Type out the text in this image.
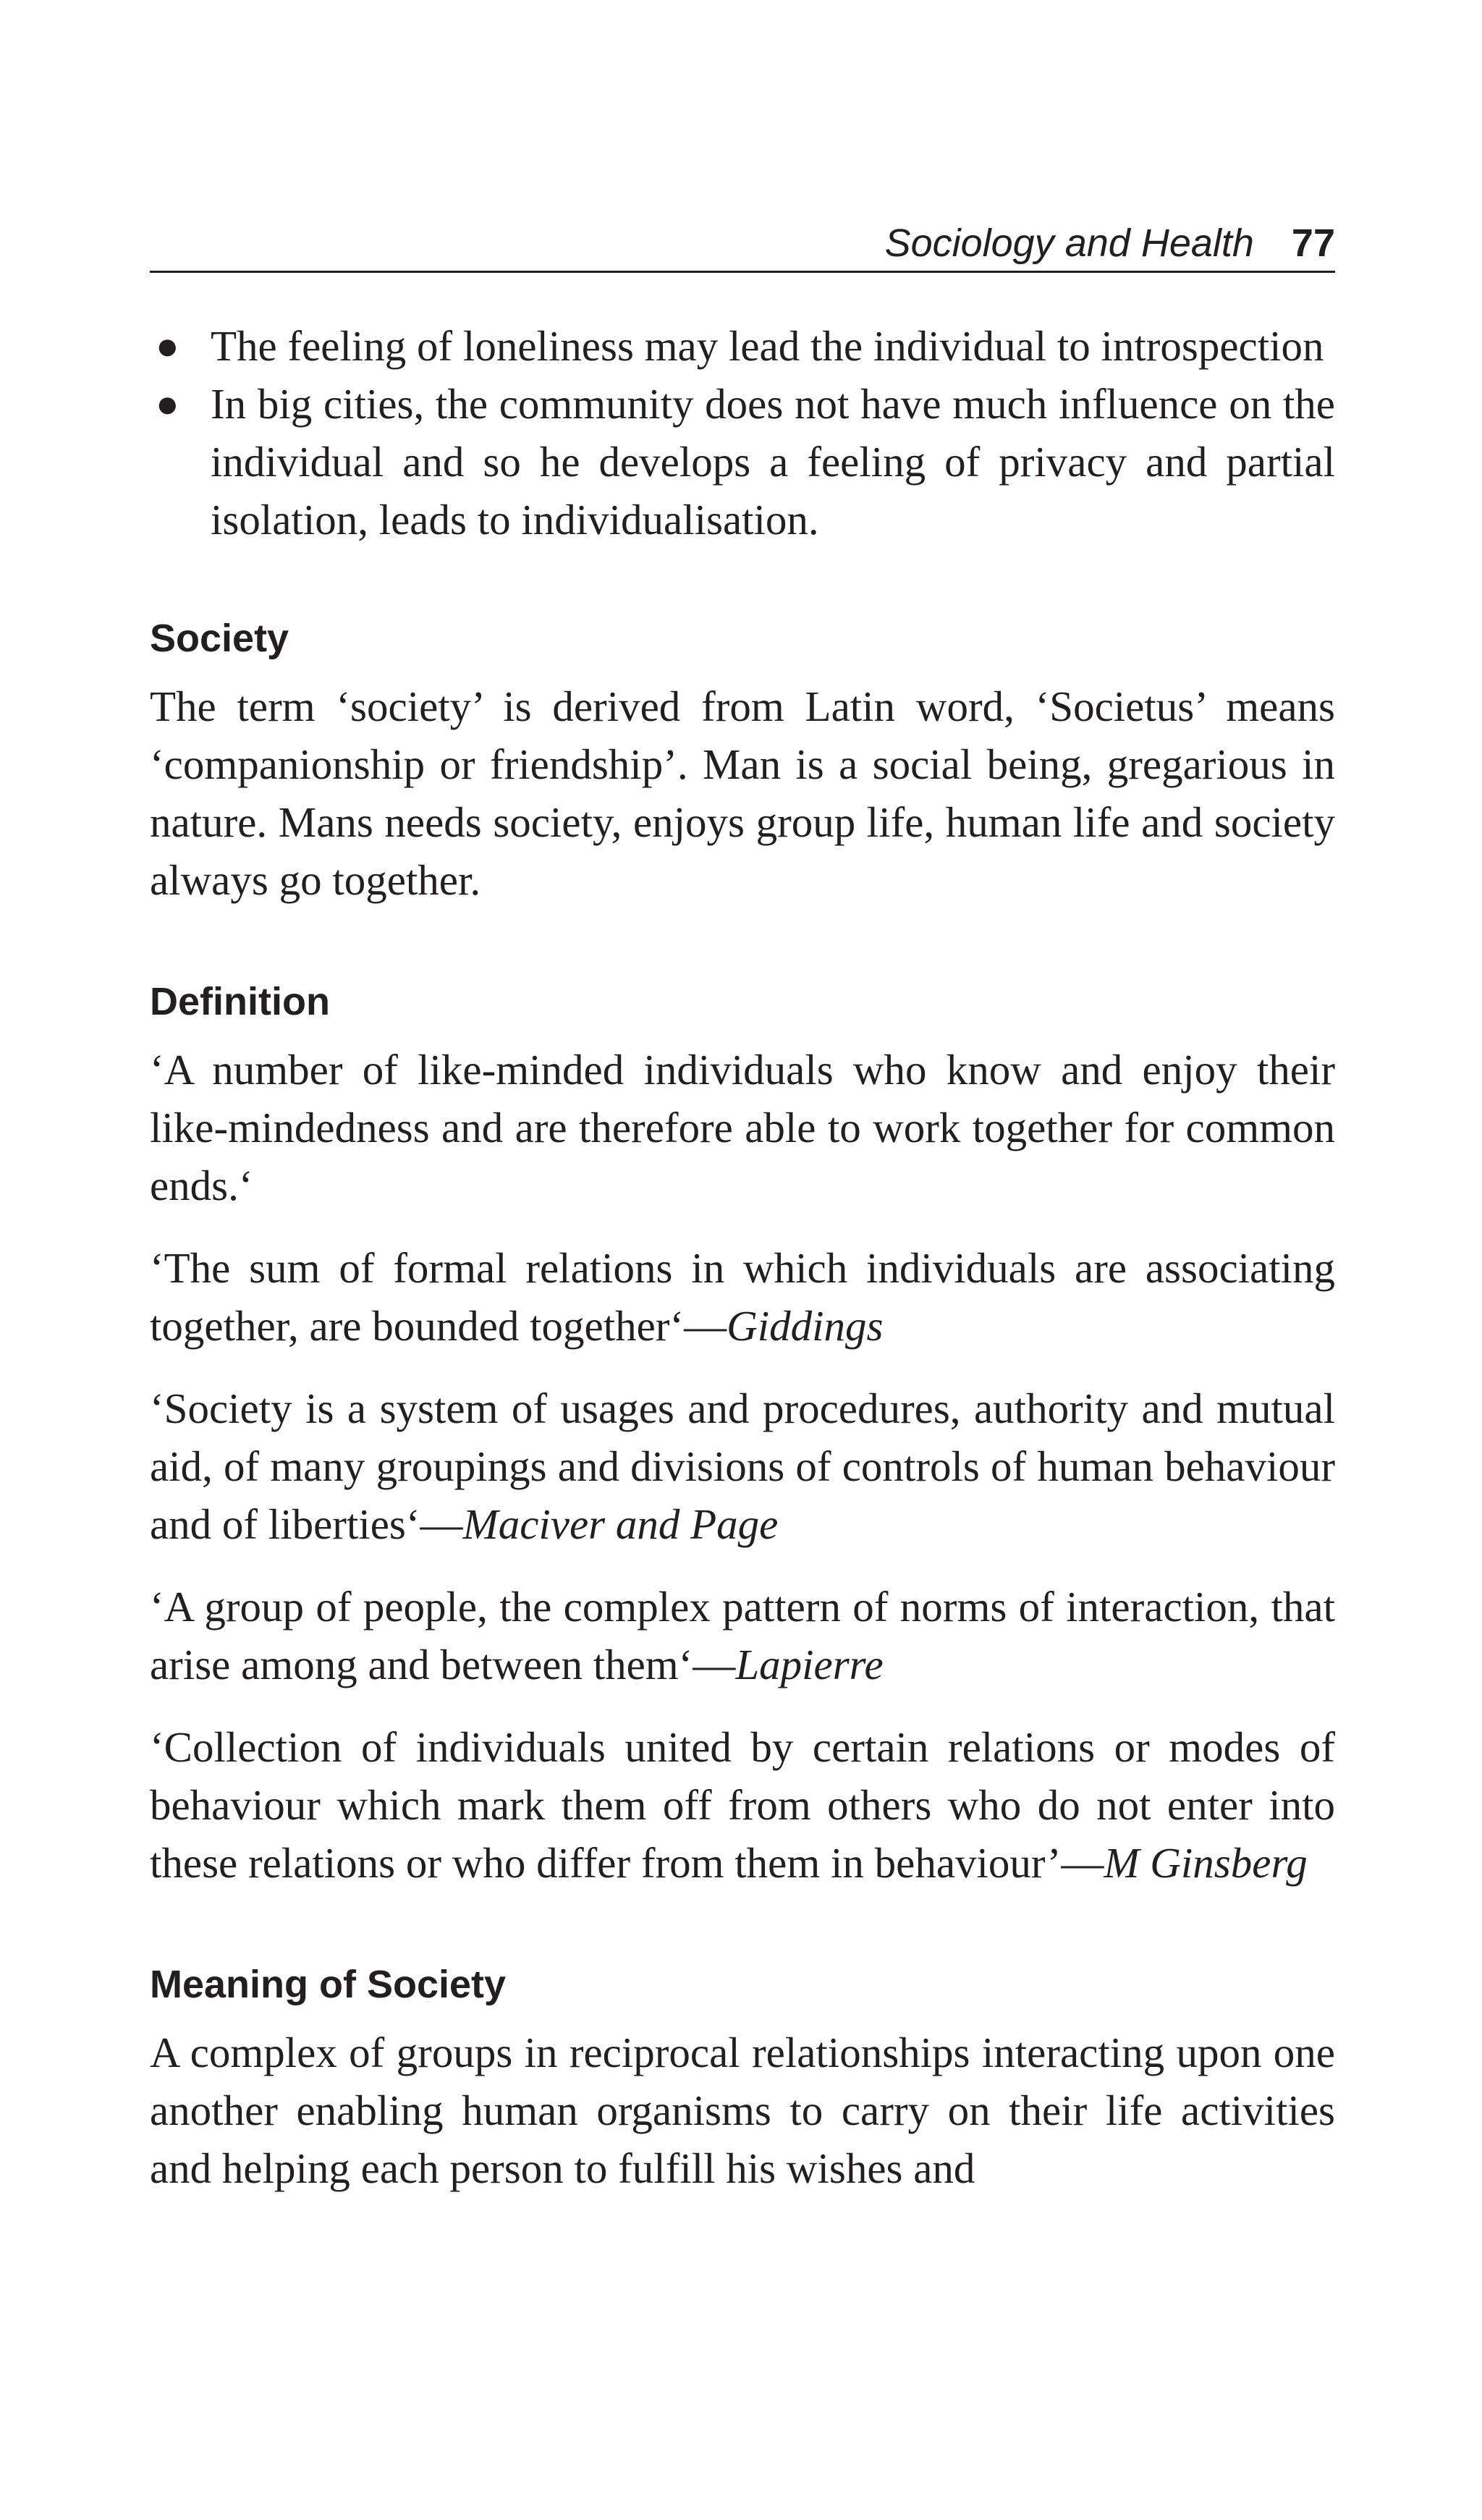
Sociology and Health 77
● The feeling of loneliness may lead the individual to introspection
● In big cities, the community does not have much influence on the individual and so he develops a feeling of privacy and partial isolation, leads to individualisation.
Society

The term ‘society’ is derived from Latin word, ‘Societus’ means ‘companionship or friendship’. Man is a social being, gregarious in nature. Mans needs society, enjoys group life, human life and society always go together.

Definition

‘A number of like-minded individuals who know and enjoy their like-mindedness and are therefore able to work together for common ends.‘

‘The sum of formal relations in which individuals are associating together, are bounded together‘—Giddings

‘Society is a system of usages and procedures, authority and mutual aid, of many groupings and divisions of controls of human behaviour and of liberties‘—Maciver and Page

‘A group of people, the complex pattern of norms of interaction, that arise among and between them‘—Lapierre

‘Collection of individuals united by certain relations or modes of behaviour which mark them off from others who do not enter into these relations or who differ from them in behaviour’—M Ginsberg

Meaning of Society

A complex of groups in reciprocal relationships interacting upon one another enabling human organisms to carry on their life activities and helping each person to fulfill his wishes and
